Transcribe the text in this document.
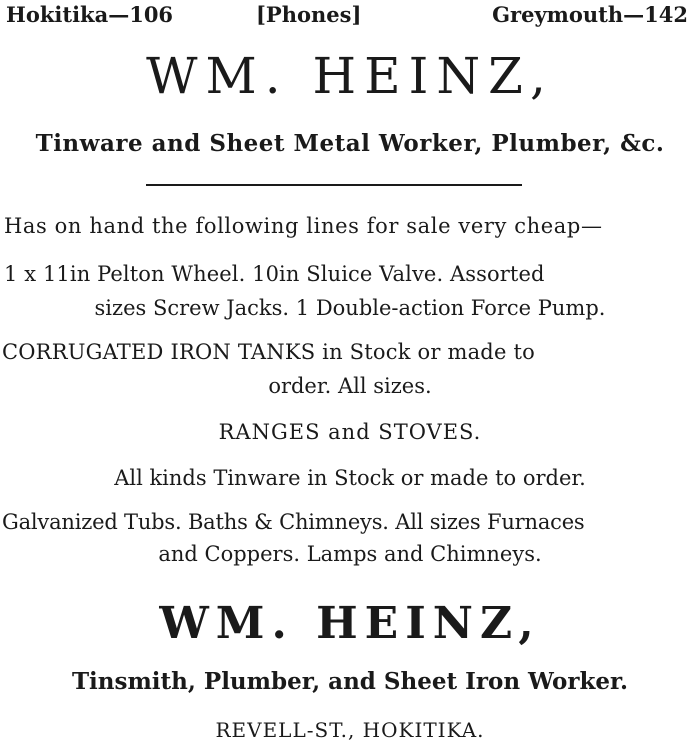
Hokitika—106	[Phones]	Greymouth—142
WM. HEINZ,
Tinware and Sheet Metal Worker, Plumber, &c.
Has on hand the following lines for sale very cheap—
1 x 11in Pelton Wheel. 10in Sluice Valve. Assorted
sizes Screw Jacks. 1 Double-action Force Pump.
CORRUGATED IRON TANKS in Stock or made to
order. All sizes.
RANGES and STOVES.
All kinds Tinware in Stock or made to order.
Galvanized Tubs. Baths & Chimneys. All sizes Furnaces
and Coppers. Lamps and Chimneys.
WM. HEINZ,
Tinsmith, Plumber, and Sheet Iron Worker.
REVELL-ST., HOKITIKA.
